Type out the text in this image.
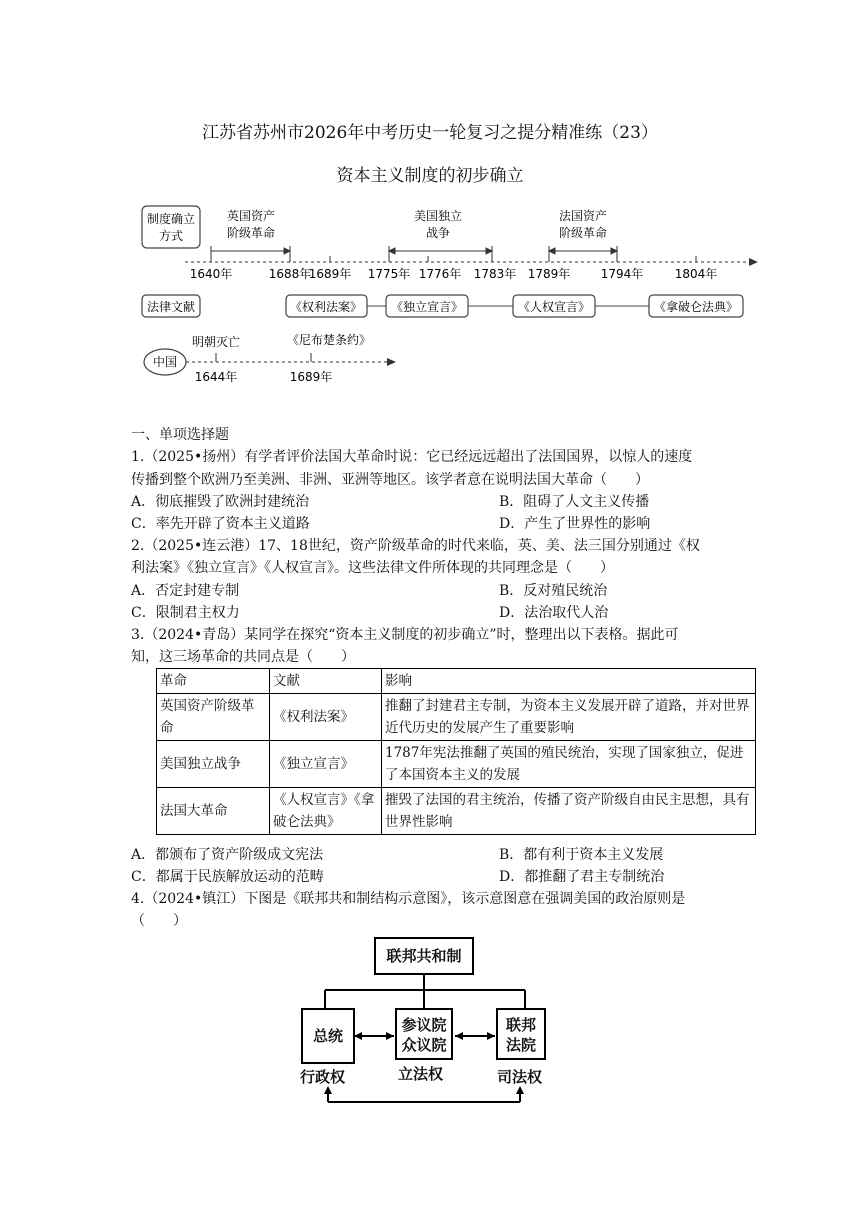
江苏省苏州市2026年中考历史一轮复习之提分精准练（23）
资本主义制度的初步确立
制度确立
方式
英国资产
阶级革命
美国独立
战争
法国资产
阶级革命
1640年	1688年
1689年 1775年 1776年 1783年 1789年	1794年	1804年
法律文献	《权利法案》 《独立宣言》	《人权宣言》	《拿破仑法典》
中国
明朝灭亡	《尼布楚条约》
1644年	1689年
一、单项选择题
1.（2025•扬州）有学者评价法国大革命时说：它已经远远超出了法国国界，以惊人的速度
传播到整个欧洲乃至美洲、非洲、亚洲等地区。该学者意在说明法国大革命（　　）
A．彻底摧毁了欧洲封建统治	B．阻碍了人文主义传播
C．率先开辟了资本主义道路	D．产生了世界性的影响
2.（2025•连云港）17、18世纪，资产阶级革命的时代来临，英、美、法三国分别通过《权
利法案》《独立宣言》《人权宣言》。这些法律文件所体现的共同理念是（　　）
A．否定封建专制	B．反对殖民统治
C．限制君主权力	D．法治取代人治
3.（2024•青岛）某同学在探究“资本主义制度的初步确立”时，整理出以下表格。据此可
知，这三场革命的共同点是（　　）
革命	文献	影响
英国资产阶级革命	《权利法案》	推翻了封建君主专制，为资本主义发展开辟了道路，并对世界近代历史的发展产生了重要影响
美国独立战争	《独立宣言》	1787年宪法推翻了英国的殖民统治，实现了国家独立，促进了本国资本主义的发展
法国大革命	《人权宣言》《拿破仑法典》	摧毁了法国的君主统治，传播了资产阶级自由民主思想，具有世界性影响
A．都颁布了资产阶级成文宪法	B．都有利于资本主义发展
C．都属于民族解放运动的范畴	D．都推翻了君主专制统治
4.（2024•镇江）下图是《联邦共和制结构示意图》，该示意图意在强调美国的政治原则是
（　　）
联邦共和制
总统
参议院
众议院
联邦
法院
行政权	立法权	司法权
